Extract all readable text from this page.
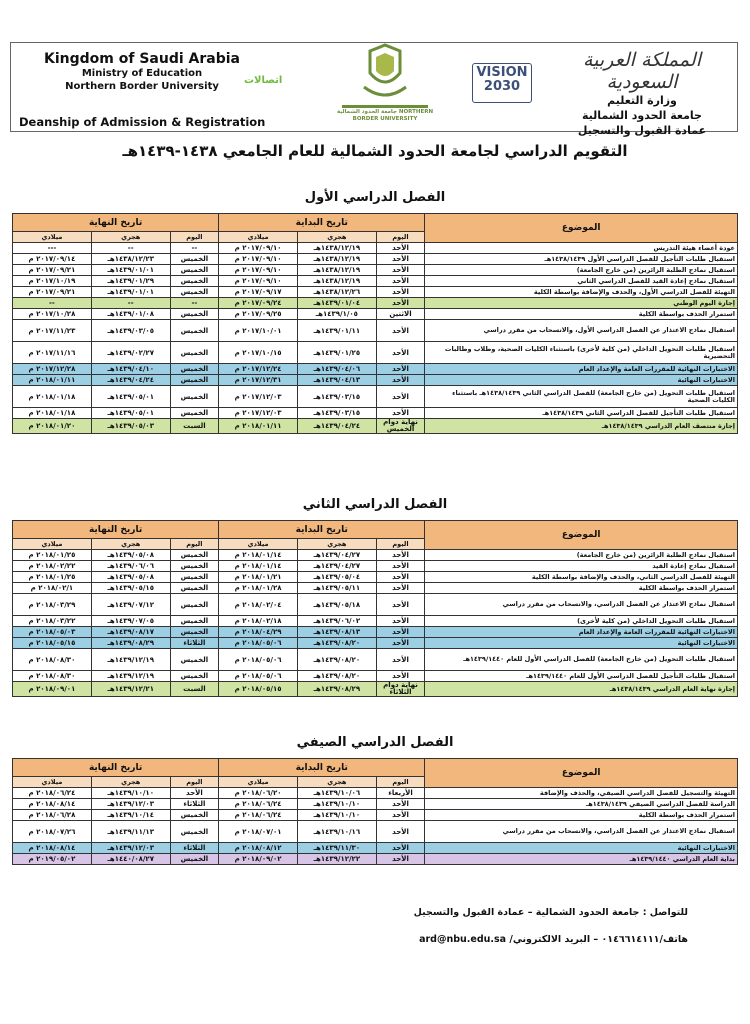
Kingdom of Saudi Arabia
Ministry of Education
Northern Border University
Deanship of Admission & Registration
اتصالات
جامعة الحدود الشمالية NORTHERN BORDER UNIVERSITY
VISION 2030
المملكة العربية السعودية
وزارة التعليم
جامعة الحدود الشمالية
عمادة القبول والتسجيل
التقويم الدراسي لجامعة الحدود الشمالية للعام الجامعي ١٤٣٨-١٤٣٩هـ
الفصل الدراسي الأول
الموضوع	تاريخ البداية			تاريخ النهاية		
	اليوم	هجري	ميلادي	اليوم	هجري	ميلادي
عودة أعضاء هيئة التدريس	الأحد	١٤٣٨/١٢/١٩هـ	٢٠١٧/٠٩/١٠ م	--	--	---
استقبال طلبات التأجيل للفصل الدراسي الأول ١٤٣٨/١٤٣٩هـ	الأحد	١٤٣٨/١٢/١٩هـ	٢٠١٧/٠٩/١٠ م	الخميس	١٤٣٨/١٢/٢٣هـ	٢٠١٧/٠٩/١٤ م
استقبال نماذج الطلبة الزائرين (من خارج الجامعة)	الأحد	١٤٣٨/١٢/١٩هـ	٢٠١٧/٠٩/١٠ م	الخميس	١٤٣٩/٠١/٠١هـ	٢٠١٧/٠٩/٢١ م
استقبال نماذج إعادة القيد للفصل الدراسي الثاني	الأحد	١٤٣٨/١٢/١٩هـ	٢٠١٧/٠٩/١٠ م	الخميس	١٤٣٩/٠١/٢٩هـ	٢٠١٧/١٠/١٩ م
التهيئة للفصل الدراسي الأول، والحذف والإضافة بواسطة الكلية	الأحد	١٤٣٨/١٢/٢٦هـ	٢٠١٧/٠٩/١٧ م	الخميس	١٤٣٩/٠١/٠١هـ	٢٠١٧/٠٩/٢١ م
إجازة اليوم الوطني	الأحد	١٤٣٩/٠١/٠٤هـ	٢٠١٧/٠٩/٢٤ م	--	--	--
استمرار الحذف بواسطة الكلية	الاثنين	١٤٣٩/١/٠٥هـ	٢٠١٧/٠٩/٢٥ م	الخميس	١٤٣٩/٠١/٠٨هـ	٢٠١٧/١٠/٢٨ م
استقبال نماذج الاعتذار عن الفصل الدراسي الأول، والانسحاب من مقرر دراسي	الأحد	١٤٣٩/٠١/١١هـ	٢٠١٧/١٠/٠١ م	الخميس	١٤٣٩/٠٣/٠٥هـ	٢٠١٧/١١/٢٣ م
استقبال طلبات التحويل الداخلي (من كلية لأخرى) باستثناء الكليات الصحية، وطلاب وطالبات التحضيرية	الأحد	١٤٣٩/٠١/٢٥هـ	٢٠١٧/١٠/١٥ م	الخميس	١٤٣٩/٠٢/٢٧هـ	٢٠١٧/١١/١٦ م
الاختبارات النهائية للمقررات العامة والإعداد العام	الأحد	١٤٣٩/٠٤/٠٦هـ	٢٠١٧/١٢/٢٤ م	الخميس	١٤٣٩/٠٤/١٠هـ	٢٠١٧/١٢/٢٨ م
الاختبارات النهائية	الأحد	١٤٣٩/٠٤/١٣هـ	٢٠١٧/١٢/٣١ م	الخميس	١٤٣٩/٠٤/٢٤هـ	٢٠١٨/٠١/١١ م
استقبال طلبات التحويل (من خارج الجامعة) للفصل الدراسي الثاني ١٤٣٨/١٤٣٩هـ باستثناء الكليات الصحية	الأحد	١٤٣٩/٠٣/١٥هـ	٢٠١٧/١٢/٠٣ م	الخميس	١٤٣٩/٠٥/٠١هـ	٢٠١٨/٠١/١٨ م
استقبال طلبات التأجيل للفصل الدراسي الثاني ١٤٣٨/١٤٣٩هـ	الأحد	١٤٣٩/٠٣/١٥هـ	٢٠١٧/١٢/٠٣ م	الخميس	١٤٣٩/٠٥/٠١هـ	٢٠١٨/٠١/١٨ م
إجازة منتصف العام الدراسي ١٤٣٨/١٤٣٩هـ	نهاية دوام الخميس	١٤٣٩/٠٤/٢٤هـ	٢٠١٨/٠١/١١ م	السبت	١٤٣٩/٠٥/٠٣هـ	٢٠١٨/٠١/٢٠ م
الفصل الدراسي الثاني
الموضوع	تاريخ البداية			تاريخ النهاية		
	اليوم	هجري	ميلادي	اليوم	هجري	ميلادي
استقبال نماذج الطلبة الزائرين (من خارج الجامعة)	الأحد	١٤٣٩/٠٤/٢٧هـ	٢٠١٨/٠١/١٤ م	الخميس	١٤٣٩/٠٥/٠٨هـ	٢٠١٨/٠١/٢٥ م
استقبال نماذج إعادة القيد	الأحد	١٤٣٩/٠٤/٢٧هـ	٢٠١٨/٠١/١٤ م	الخميس	١٤٣٩/٠٦/٠٦هـ	٢٠١٨/٠٢/٢٢ م
التهيئة للفصل الدراسي الثاني، والحذف والإضافة بواسطة الكلية	الأحد	١٤٣٩/٠٥/٠٤هـ	٢٠١٨/٠١/٢١ م	الخميس	١٤٣٩/٠٥/٠٨هـ	٢٠١٨/٠١/٢٥ م
استمرار الحذف بواسطة الكلية	الأحد	١٤٣٩/٠٥/١١هـ	٢٠١٨/٠١/٢٨ م	الخميس	١٤٣٩/٠٥/١٥هـ	٢٠١٨/٠٢/١ م
استقبال نماذج الاعتذار عن الفصل الدراسي، والانسحاب من مقرر دراسي	الأحد	١٤٣٩/٠٥/١٨هـ	٢٠١٨/٠٢/٠٤ م	الخميس	١٤٣٩/٠٧/١٢هـ	٢٠١٨/٠٣/٢٩ م
استقبال طلبات التحويل الداخلي (من كلية لأخرى)	الأحد	١٤٣٩/٠٦/٠٢هـ	٢٠١٨/٠٢/١٨ م	الخميس	١٤٣٩/٠٧/٠٥هـ	٢٠١٨/٠٣/٢٢ م
الاختبارات النهائية للمقررات العامة والإعداد العام	الأحد	١٤٣٩/٠٨/١٣هـ	٢٠١٨/٠٤/٢٩ م	الخميس	١٤٣٩/٠٨/١٧هـ	٢٠١٨/٠٥/٠٣ م
الاختبارات النهائية	الأحد	١٤٣٩/٠٨/٢٠هـ	٢٠١٨/٠٥/٠٦ م	الثلاثاء	١٤٣٩/٠٨/٢٩هـ	٢٠١٨/٠٥/١٥ م
استقبال طلبات التحويل (من خارج الجامعة) للفصل الدراسي الأول للعام ١٤٣٩/١٤٤٠هـ	الأحد	١٤٣٩/٠٨/٢٠هـ	٢٠١٨/٠٥/٠٦ م	الخميس	١٤٣٩/١٢/١٩هـ	٢٠١٨/٠٨/٣٠ م
استقبال طلبات التأجيل للفصل الدراسي الأول للعام ١٤٣٩/١٤٤٠هـ	الأحد	١٤٣٩/٠٨/٢٠هـ	٢٠١٨/٠٥/٠٦ م	الخميس	١٤٣٩/١٢/١٩هـ	٢٠١٨/٠٨/٣٠ م
إجازة نهاية العام الدراسي ١٤٣٨/١٤٣٩هـ	نهاية دوام الثلاثاء	١٤٣٩/٠٨/٢٩هـ	٢٠١٨/٠٥/١٥ م	السبت	١٤٣٩/١٢/٢١هـ	٢٠١٨/٠٩/٠١ م
الفصل الدراسي الصيفي
الموضوع	تاريخ البداية			تاريخ النهاية		
	اليوم	هجري	ميلادي	اليوم	هجري	ميلادي
التهيئة والتسجيل للفصل الدراسي الصيفي، والحذف والإضافة	الأربعاء	١٤٣٩/١٠/٠٦هـ	٢٠١٨/٠٦/٢٠ م	الأحد	١٤٣٩/١٠/١٠هـ	٢٠١٨/٠٦/٢٤ م
الدراسة للفصل الدراسي الصيفي ١٤٣٨/١٤٣٩هـ	الأحد	١٤٣٩/١٠/١٠هـ	٢٠١٨/٠٦/٢٤ م	الثلاثاء	١٤٣٩/١٢/٠٣هـ	٢٠١٨/٠٨/١٤ م
استمرار الحذف بواسطة الكلية	الأحد	١٤٣٩/١٠/١٠هـ	٢٠١٨/٠٦/٢٤ م	الخميس	١٤٣٩/١٠/١٤هـ	٢٠١٨/٠٦/٢٨ م
استقبال نماذج الاعتذار عن الفصل الدراسي، والانسحاب من مقرر دراسي	الأحد	١٤٣٩/١٠/١٦هـ	٢٠١٨/٠٧/٠١ م	الخميس	١٤٣٩/١١/١٣هـ	٢٠١٨/٠٧/٢٦ م
الاختبارات النهائية	الأحد	١٤٣٩/١١/٣٠هـ	٢٠١٨/٠٨/١٢ م	الثلاثاء	١٤٣٩/١٢/٠٣هـ	٢٠١٨/٠٨/١٤ م
بداية العام الدراسي ١٤٣٩/١٤٤٠هـ	الأحد	١٤٣٩/١٢/٢٢هـ	٢٠١٨/٠٩/٠٢ م	الخميس	١٤٤٠/٠٨/٢٧هـ	٢٠١٩/٠٥/٠٢ م
للتواصل : جامعة الحدود الشمالية – عمادة القبول والتسجيل
هاتف/٠١٤٦٦١٤١١١ – البريد الالكتروني/ ard@nbu.edu.sa
